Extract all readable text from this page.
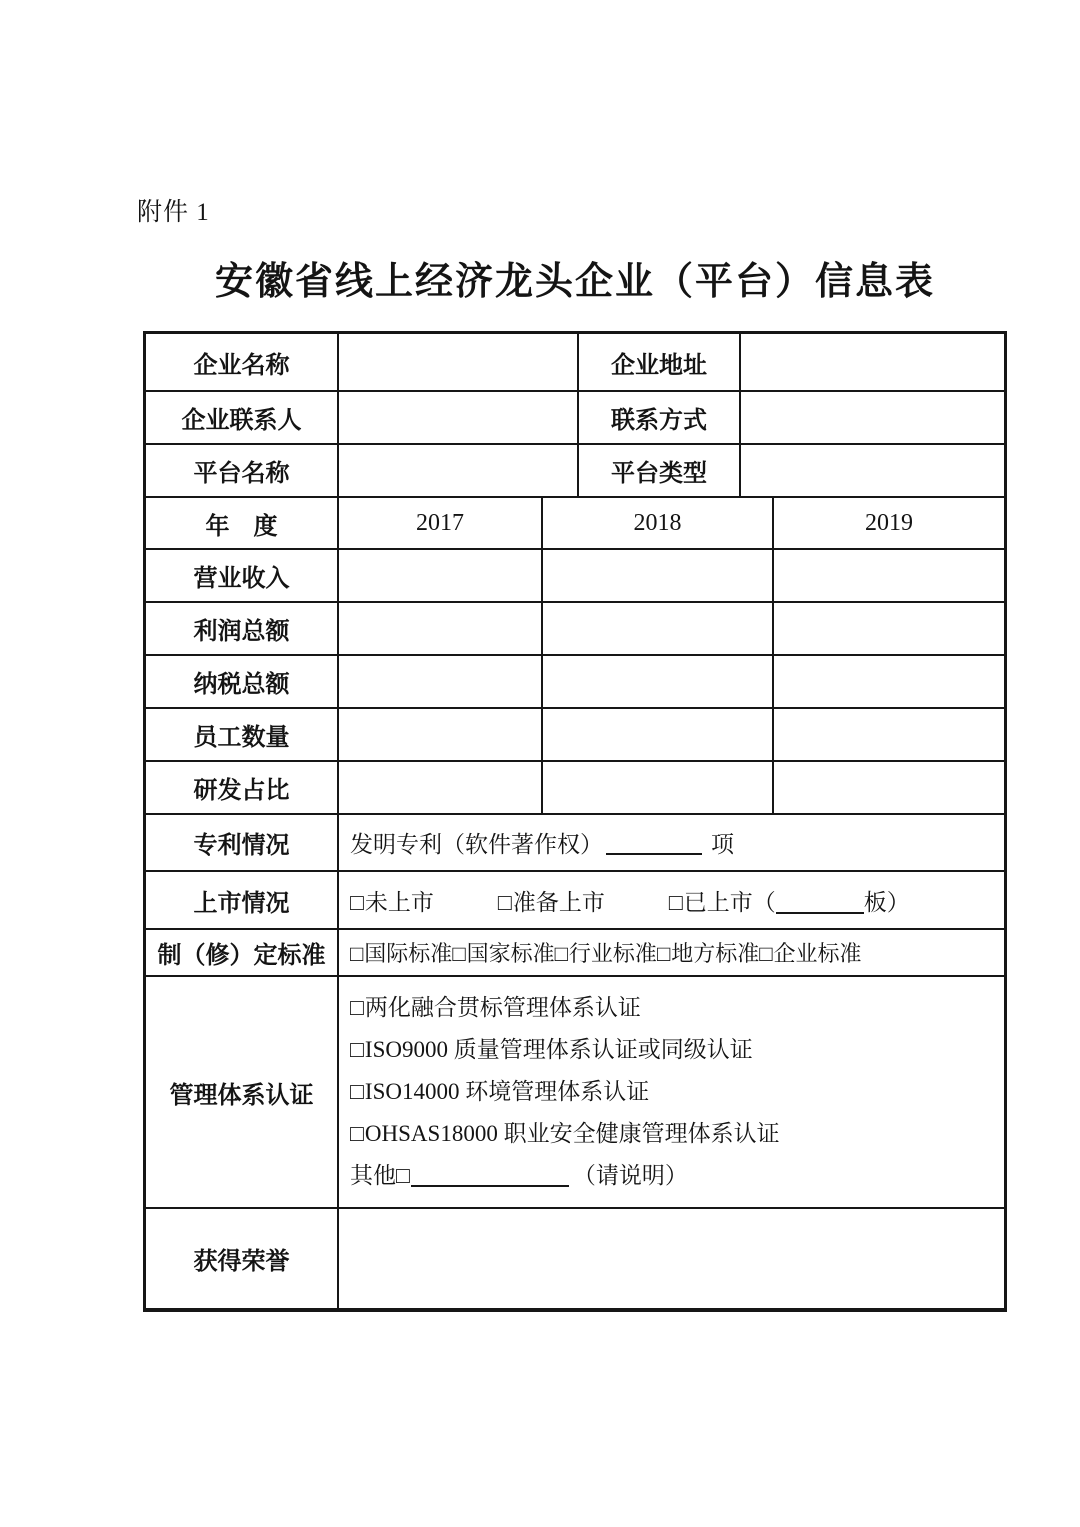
附件 1
安徽省线上经济龙头企业（平台）信息表
企业名称	企业地址
企业联系人	联系方式
平台名称	平台类型
年　度	2017	2018	2019
营业收入
利润总额
纳税总额
员工数量
研发占比
专利情况	发明专利（软件著作权）	项
上市情况	□未上市	□准备上市	□已上市（	板）
制（修）定标准	□国际标准 □国家标准 □行业标准 □地方标准 □企业标准
管理体系认证
□两化融合贯标管理体系认证
□ISO9000 质量管理体系认证或同级认证
□ISO14000 环境管理体系认证
□OHSAS18000 职业安全健康管理体系认证
其他□	（请说明）
获得荣誉
